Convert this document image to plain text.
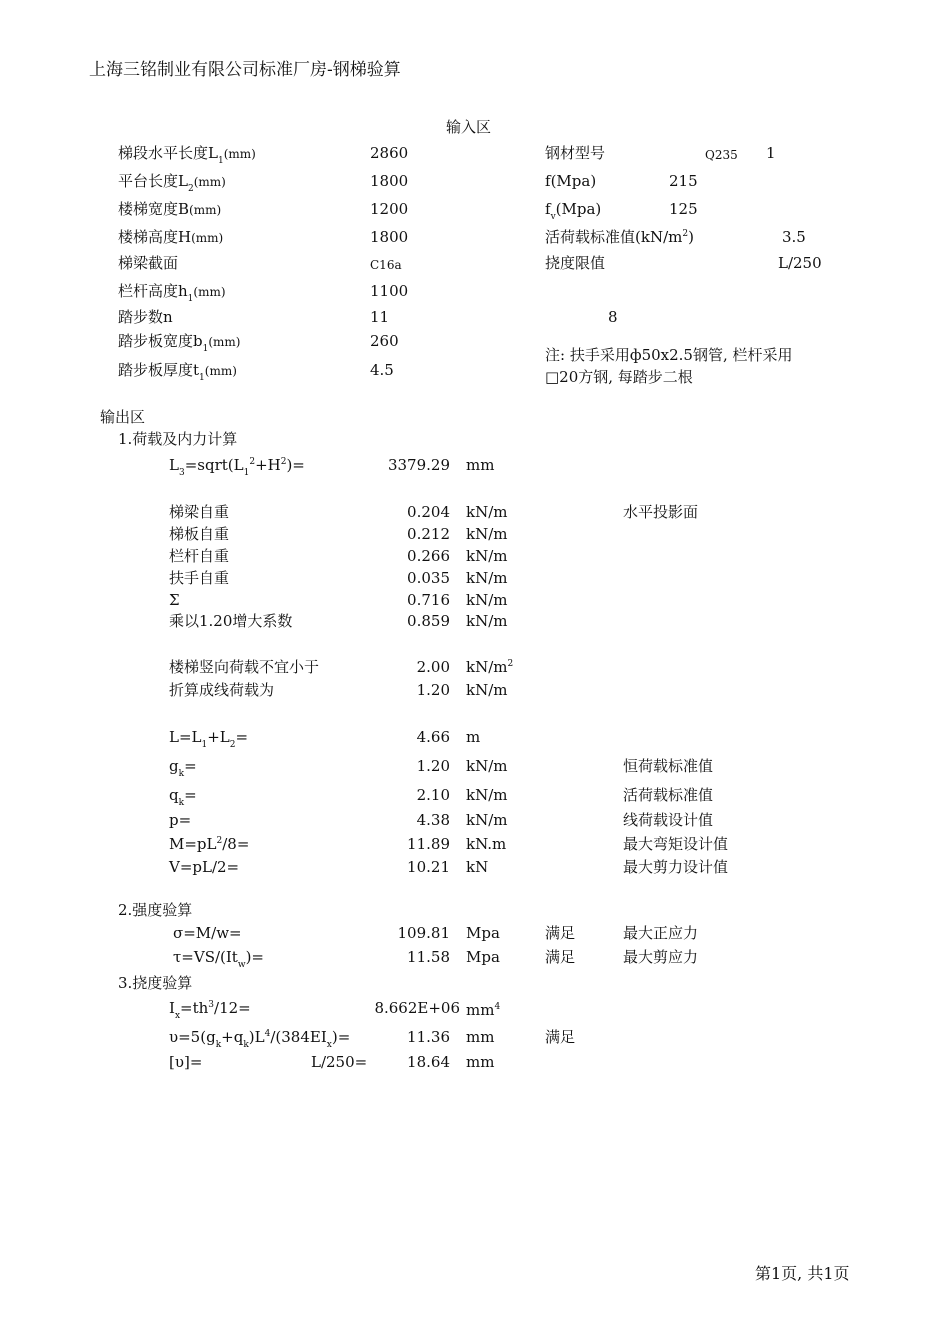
上海三铭制业有限公司标准厂房-钢梯验算
输入区
梯段水平长度$L_1(mm)$	2860
平台长度$L_2(mm)$	1800
楼梯宽度B(mm)	1200
楼梯高度H(mm)	1800
梯梁截面	C16a
栏杆高度$h_1(mm)$	1100
踏步数n	11
踏步板宽度$b_1(mm)$	260
踏步板厚度$t_1(mm)$	4.5
钢材型号	Q235 1
f(Mpa)	215
$f_v(Mpa)$	125
活荷载标准值$(kN/m^2)$	3.5
挠度限值	L/250
8
注: 扶手采用ф50x2.5钢管, 栏杆采用
□20方钢, 每踏步二根
输出区
1.荷载及内力计算
$L_3=sqrt(L_1^2+H^2)=$	3379.29 mm
梯梁自重	0.204 kN/m	水平投影面
梯板自重	0.212 kN/m
栏杆自重	0.266 kN/m
扶手自重	0.035 kN/m
Σ	0.716 kN/m
乘以1.20增大系数	0.859 kN/m
楼梯竖向荷载不宜小于	2.00 $kN/m^2$
折算成线荷载为	1.20 kN/m
$L=L_1+L_2=$	4.66 m
$g_k=$	1.20 kN/m	恒荷载标准值
$q_k=$	2.10 kN/m	活荷载标准值
p=	4.38 kN/m	线荷载设计值
$M=pL^2/8=$	11.89 kN.m	最大弯矩设计值
V=pL/2=	10.21 kN	最大剪力设计值
2.强度验算
σ=M/w=	109.81 Mpa	满足	最大正应力
$\tau=VS/(It_w)=$	11.58 Mpa	满足	最大剪应力
3.挠度验算
$I_x=th^3/12=$	8.662E+06 $mm^4$
$\upsilon=5(g_k+q_k)L^4/(384EI_x)=$	11.36 mm	满足
[υ]=	L/250=	18.64 mm
第1页, 共1页
